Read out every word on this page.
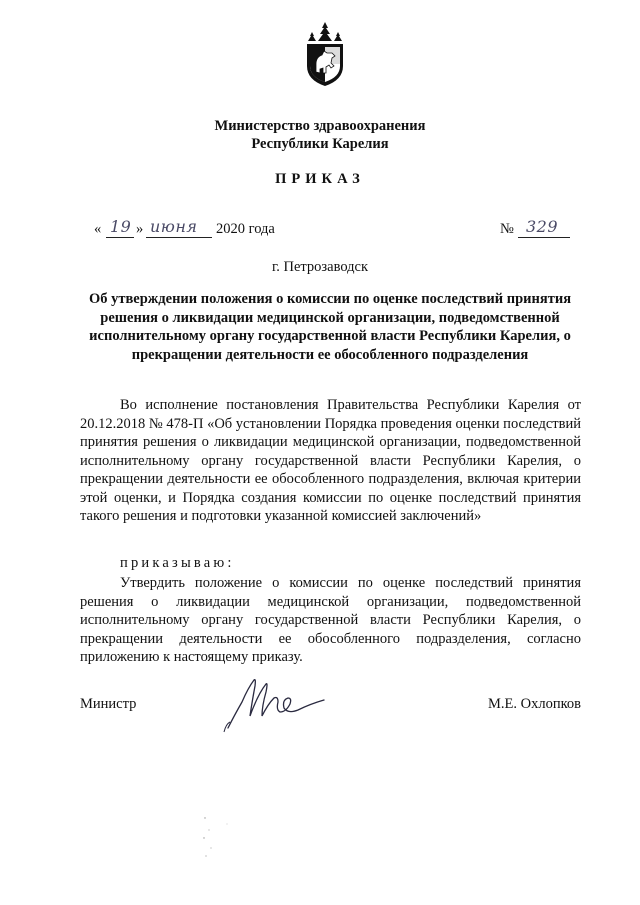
Министерство здравоохранения
Республики Карелия
ПРИКАЗ
« 19 » июня 2020 года	№ 329
г. Петрозаводск
Об утверждении положения о комиссии по оценке последствий принятия
решения о ликвидации медицинской организации, подведомственной
исполнительному органу государственной власти Республики Карелия, о
прекращении деятельности ее обособленного подразделения
Во исполнение постановления Правительства Республики Карелия от 20.12.2018 № 478-П «Об установлении Порядка проведения оценки последствий принятия решения о ликвидации медицинской организации, подведомственной исполнительному органу государственной власти Республики Карелия, о прекращении деятельности ее обособленного подразделения, включая критерии этой оценки, и Порядка создания комиссии по оценке последствий принятия такого решения и подготовки указанной комиссией заключений»
приказываю:
Утвердить положение о комиссии по оценке последствий принятия решения о ликвидации медицинской организации, подведомственной исполнительному органу государственной власти Республики Карелия, о прекращении деятельности ее обособленного подразделения, согласно приложению к настоящему приказу.
Министр	М.Е. Охлопков
